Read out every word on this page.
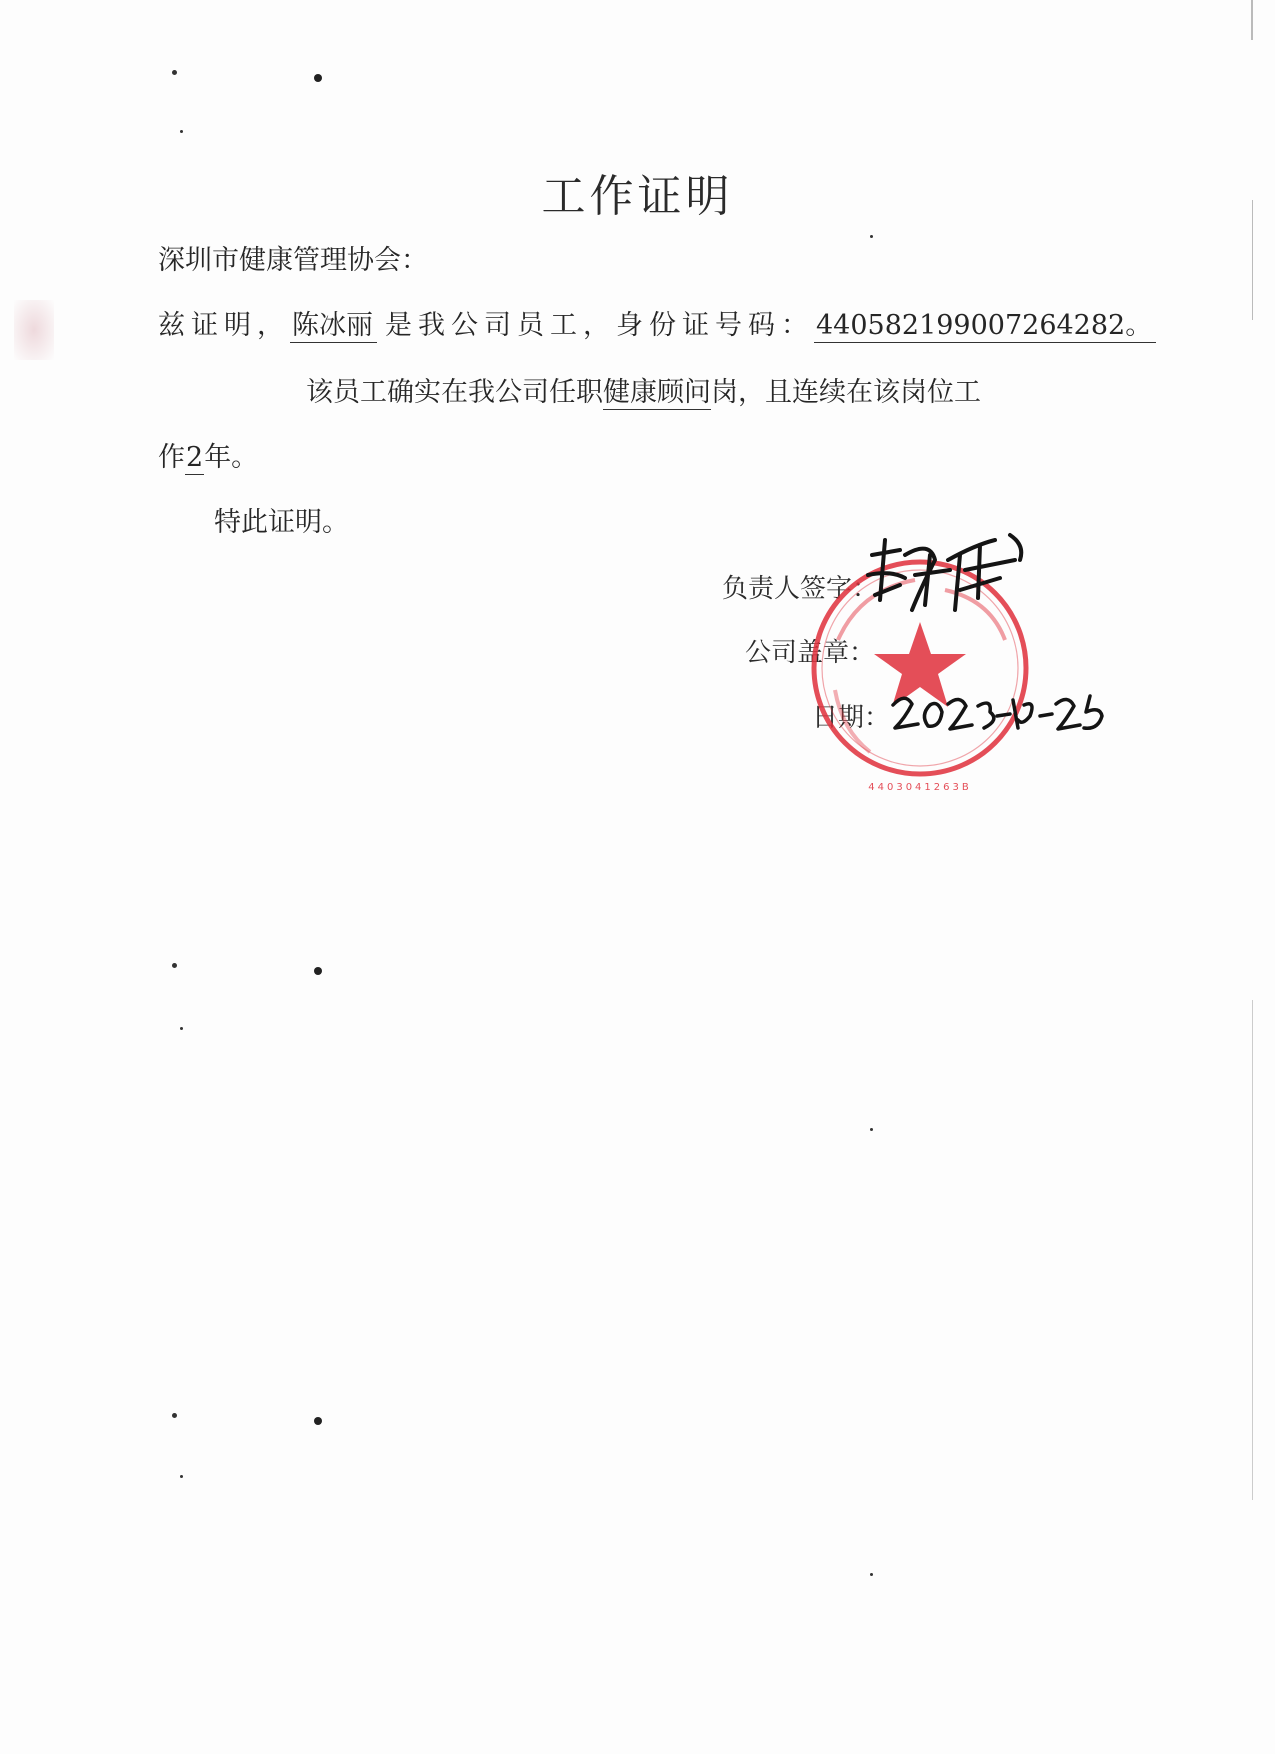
工作证明
深圳市健康管理协会：
兹证明，陈冰丽 是我公司员工，身份证号码：440582199007264282。
该员工确实在我公司任职健康顾问岗，且连续在该岗位工
作2年。
特此证明。
负责人签字：
公司盖章：
日期：
4403041263B
